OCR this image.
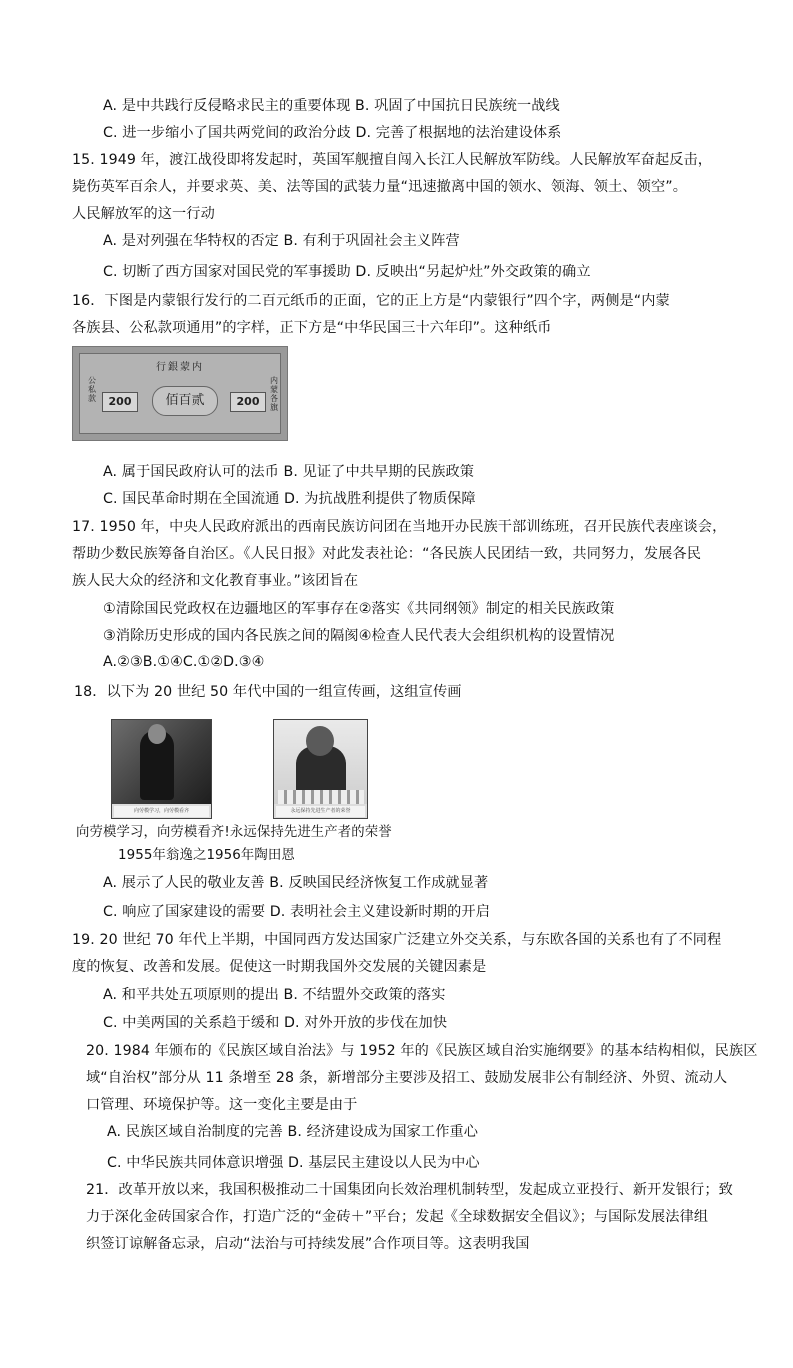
A. 是中共践行反侵略求民主的重要体现 B. 巩固了中国抗日民族统一战线
C. 进一步缩小了国共两党间的政治分歧 D. 完善了根据地的法治建设体系
15. 1949 年，渡江战役即将发起时，英国军舰擅自闯入长江人民解放军防线。人民解放军奋起反击，
毙伤英军百余人，并要求英、美、法等国的武装力量“迅速撤离中国的领水、领海、领土、领空”。
人民解放军的这一行动
A. 是对列强在华特权的否定 B. 有利于巩固社会主义阵营
C. 切断了西方国家对国民党的军事援助 D. 反映出“另起炉灶”外交政策的确立
16．下图是内蒙银行发行的二百元纸币的正面，它的正上方是“内蒙银行”四个字，两侧是“内蒙
各族县、公私款项通用”的字样，正下方是“中华民国三十六年印”。这种纸币
行銀蒙内
公私款	200	佰百贰	200
内蒙各旗
A. 属于国民政府认可的法币 B. 见证了中共早期的民族政策
C. 国民革命时期在全国流通 D. 为抗战胜利提供了物质保障
17. 1950 年，中央人民政府派出的西南民族访问团在当地开办民族干部训练班，召开民族代表座谈会，
帮助少数民族筹备自治区。《人民日报》对此发表社论：“各民族人民团结一致，共同努力，发展各民
族人民大众的经济和文化教育事业。”该团旨在
①清除国民党政权在边疆地区的军事存在②落实《共同纲领》制定的相关民族政策
③消除历史形成的国内各民族之间的隔阂④检查人民代表大会组织机构的设置情况
A.②③B.①④C.①②D.③④
18．以下为 20 世纪 50 年代中国的一组宣传画，这组宣传画
向劳模学习，向劳模看齐	永远保持先进生产者的荣誉
向劳模学习，向劳模看齐!永远保持先进生产者的荣誉
1955年翁逸之1956年陶田恩
A. 展示了人民的敬业友善 B. 反映国民经济恢复工作成就显著
C. 响应了国家建设的需要 D. 表明社会主义建设新时期的开启
19. 20 世纪 70 年代上半期，中国同西方发达国家广泛建立外交关系，与东欧各国的关系也有了不同程
度的恢复、改善和发展。促使这一时期我国外交发展的关键因素是
A. 和平共处五项原则的提出 B. 不结盟外交政策的落实
C. 中美两国的关系趋于缓和 D. 对外开放的步伐在加快
20. 1984 年颁布的《民族区域自治法》与 1952 年的《民族区域自治实施纲要》的基本结构相似，民族区
域“自治权”部分从 11 条增至 28 条，新增部分主要涉及招工、鼓励发展非公有制经济、外贸、流动人
口管理、环境保护等。这一变化主要是由于
A. 民族区域自治制度的完善 B. 经济建设成为国家工作重心
C. 中华民族共同体意识增强 D. 基层民主建设以人民为中心
21．改革开放以来，我国积极推动二十国集团向长效治理机制转型，发起成立亚投行、新开发银行；致
力于深化金砖国家合作，打造广泛的“金砖＋”平台；发起《全球数据安全倡议》；与国际发展法律组
织签订谅解备忘录，启动“法治与可持续发展”合作项目等。这表明我国
